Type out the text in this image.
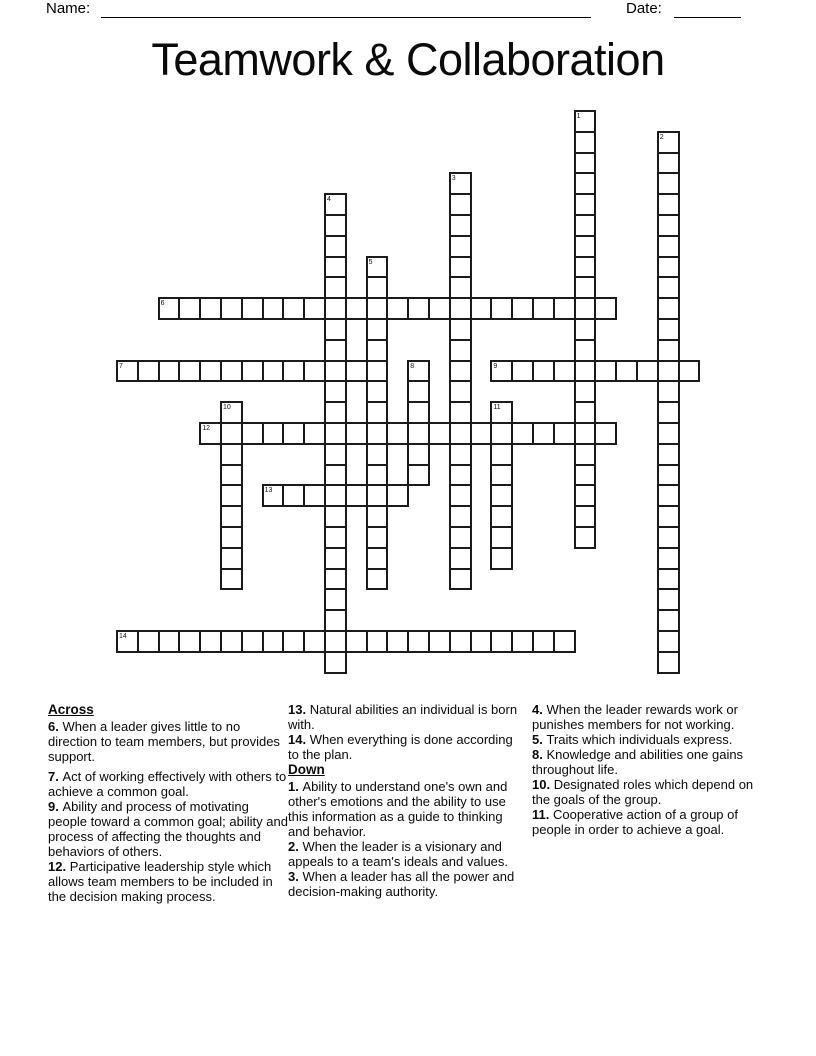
Name:	Date:
Teamwork & Collaboration
1
2
3
4
5
6
7	8	9
10	11
12
13
14
Across

6. When a leader gives little to no direction to team members, but provides support.

7. Act of working effectively with others to achieve a common goal.

9. Ability and process of motivating people toward a common goal; ability and process of affecting the thoughts and behaviors of others.

12. Participative leadership style which allows team members to be included in the decision making process.

13. Natural abilities an individual is born with.

14. When everything is done according to the plan.

Down

1. Ability to understand one's own and other's emotions and the ability to use this information as a guide to thinking and behavior.

2. When the leader is a visionary and appeals to a team's ideals and values.

3. When a leader has all the power and decision-making authority.

4. When the leader rewards work or punishes members for not working.

5. Traits which individuals express.

8. Knowledge and abilities one gains throughout life.

10. Designated roles which depend on the goals of the group.

11. Cooperative action of a group of people in order to achieve a goal.
